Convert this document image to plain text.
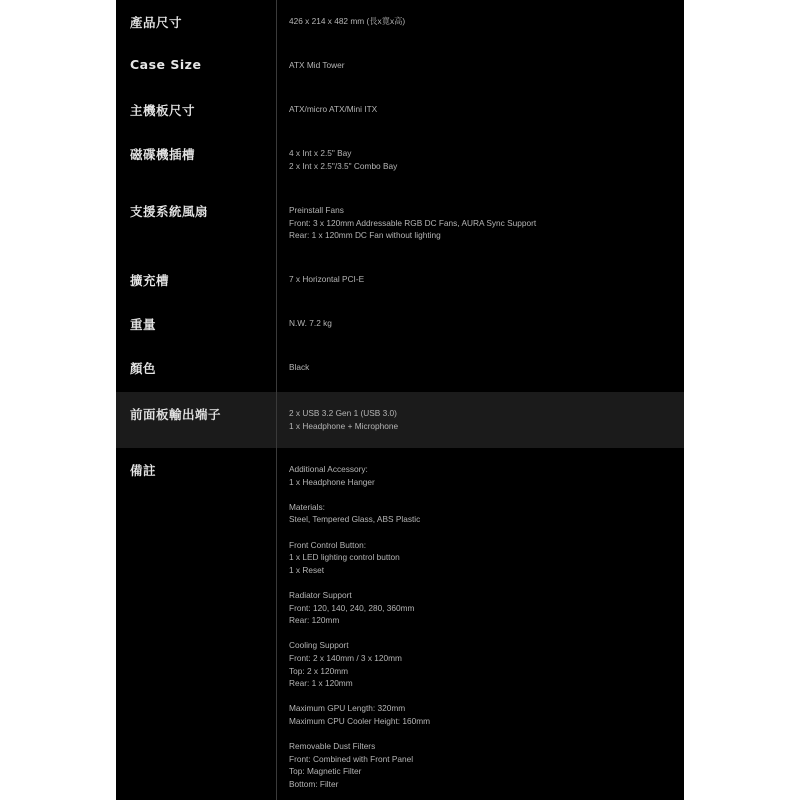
產品尺寸	426 x 214 x 482 mm (長x寬x高)
Case Size	ATX Mid Tower
主機板尺寸	ATX/micro ATX/Mini ITX
磁碟機插槽	4 x Int x 2.5" Bay
2 x Int x 2.5"/3.5" Combo Bay
支援系統風扇	Preinstall Fans
Front: 3 x 120mm Addressable RGB DC Fans, AURA Sync Support
Rear: 1 x 120mm DC Fan without lighting
擴充槽	7 x Horizontal PCI-E
重量	N.W. 7.2 kg
顏色	Black
前面板輸出端子	2 x USB 3.2 Gen 1 (USB 3.0)
1 x Headphone + Microphone
備註	Additional Accessory:
1 x Headphone Hanger
Materials:
Steel, Tempered Glass, ABS Plastic
Front Control Button:
1 x LED lighting control button
1 x Reset
Radiator Support
Front: 120, 140, 240, 280, 360mm
Rear: 120mm
Cooling Support
Front: 2 x 140mm / 3 x 120mm
Top: 2 x 120mm
Rear: 1 x 120mm
Maximum GPU Length: 320mm
Maximum CPU Cooler Height: 160mm
Removable Dust Filters
Front: Combined with Front Panel
Top: Magnetic Filter
Bottom: Filter
